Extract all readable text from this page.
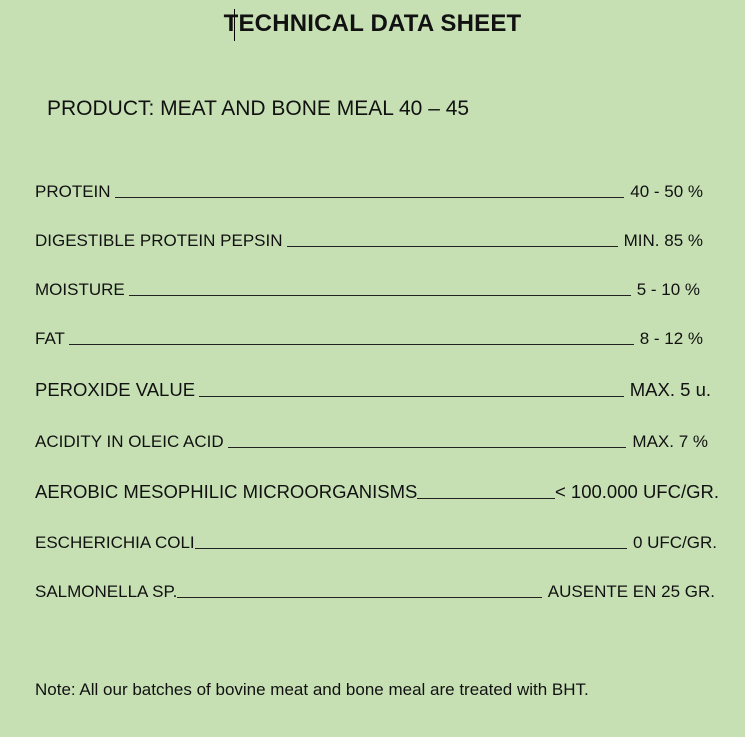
TECHNICAL DATA SHEET
PRODUCT: MEAT AND BONE MEAL 40 – 45
PROTEIN	40 - 50 %
DIGESTIBLE PROTEIN PEPSIN	MIN. 85 %
MOISTURE	5 - 10 %
FAT	8 - 12 %
PEROXIDE VALUE	MAX. 5 u.
ACIDITY IN OLEIC ACID	MAX. 7 %
AEROBIC MESOPHILIC MICROORGANISMS	< 100.000 UFC/GR.
ESCHERICHIA COLI	0 UFC/GR.
SALMONELLA SP.	AUSENTE EN 25 GR.
Note: All our batches of bovine meat and bone meal are treated with BHT.
